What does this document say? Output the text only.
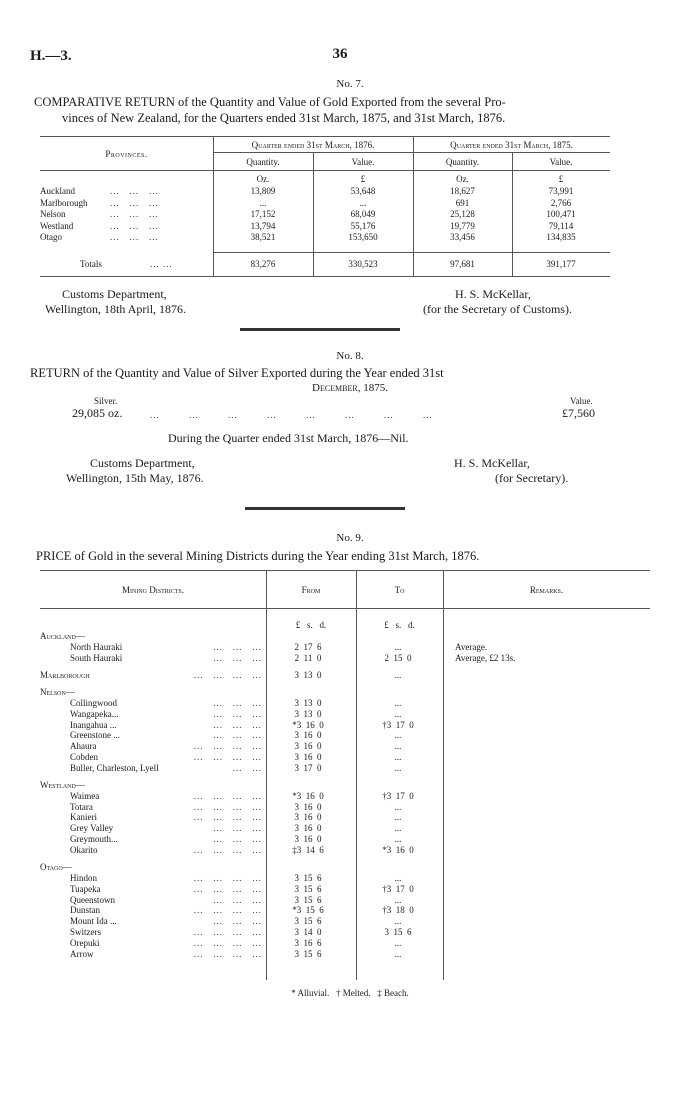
H.—3.	36
No. 7.
COMPARATIVE RETURN of the Quantity and Value of Gold Exported from the several Pro-
vinces of New Zealand, for the Quarters ended 31st March, 1875, and 31st March, 1876.
Provinces.
Quarter ended 31st March, 1876.	Quarter ended 31st March, 1875.
Quantity.	Value.	Quantity.	Value.
Oz.	£	Oz.	£
Auckland	...   ...   ...	13,809	53,648	18,627	73,991
Marlborough	...   ...   ...	...	...	691	2,766
Nelson	...   ...   ...	17,152	68,049	25,128	100,471
Westland	...   ...   ...	13,794	55,176	19,779	79,114
Otago	...   ...   ...	38,521	153,650	33,456	134,835
Totals	... ...	83,276	330,523	97,681	391,177
Customs Department,
Wellington, 18th April, 1876.
H. S. McKellar,
(for the Secretary of Customs).
No. 8.
RETURN of the Quantity and Value of Silver Exported during the Year ended 31st
December, 1875.
Silver.
29,085 oz.	...         ...         ...         ...         ...         ...         ...         ...
Value.
£7,560
During the Quarter ended 31st March, 1876—Nil.
Customs Department,
Wellington, 15th May, 1876.
H. S. McKellar,
(for Secretary).
No. 9.
PRICE of Gold in the several Mining Districts during the Year ending 31st March, 1876.
Mining Districts.	From	To	Remarks.
£   s.   d.	£   s.   d.
Auckland—
North Hauraki	...   ...   ...	2  17  6	...	Average.
South Hauraki	...   ...   ...	2  11  0	2  15  0	Average, £2 13s.
Marlborough	...   ...   ...   ...	3  13  0	...
Nelson—
Collingwood	...   ...   ...	3  13  0	...
Wangapeka...	...   ...   ...	3  13  0	...
Inangahua ...	...   ...   ...	*3  16  0	†3  17  0
Greenstone ...	...   ...   ...	3  16  0	...
Ahaura	...   ...   ...   ...	3  16  0	...
Cobden	...   ...   ...   ...	3  16  0	...
Buller, Charleston, Lyell	...   ...	3  17  0	...
Westland—
Waimea	...   ...   ...   ...	*3  16  0	†3  17  0
Totara	...   ...   ...   ...	3  16  0	...
Kanieri	...   ...   ...   ...	3  16  0	...
Grey Valley	...   ...   ...	3  16  0	...
Greymouth...	...   ...   ...	3  16  0	...
Okarito	...   ...   ...   ...	‡3  14  6	*3  16  0
Otago—
Hindon	...   ...   ...   ...	3  15  6	...
Tuapeka	...   ...   ...   ...	3  15  6	†3  17  0
Queenstown	...   ...   ...	3  15  6	...
Dunstan	...   ...   ...   ...	*3  15  6	†3  18  0
Mount Ida ...	...   ...   ...	3  15  6	...
Switzers	...   ...   ...   ...	3  14  0	3  15  6
Orepuki	...   ...   ...   ...	3  16  6	...
Arrow	...   ...   ...   ...	3  15  6	...
* Alluvial.   † Melted.   ‡ Beach.
